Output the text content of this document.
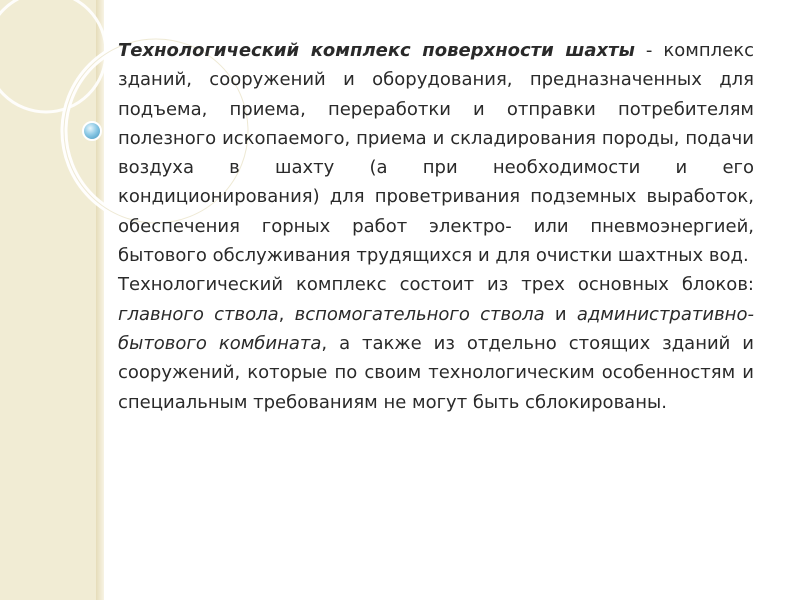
Технологический комплекс поверхности шахты - комплекс зданий, сооружений и оборудования, предназначенных для подъема, приема, переработки и отправки потребителям полезного ископаемого, приема и складирования породы, подачи воздуха в шахту (а при необходимости и его кондиционирования) для проветривания подземных выработок, обеспечения горных работ электро- или пневмоэнергией, бытового обслуживания трудящихся и для очистки шахтных вод.

Технологический комплекс состоит из трех основных блоков: главного ствола, вспомогательного ствола и административно-бытового комбината, а также из отдельно стоящих зданий и сооружений, которые по своим технологическим особенностям и специальным требованиям не могут быть сблокированы.
